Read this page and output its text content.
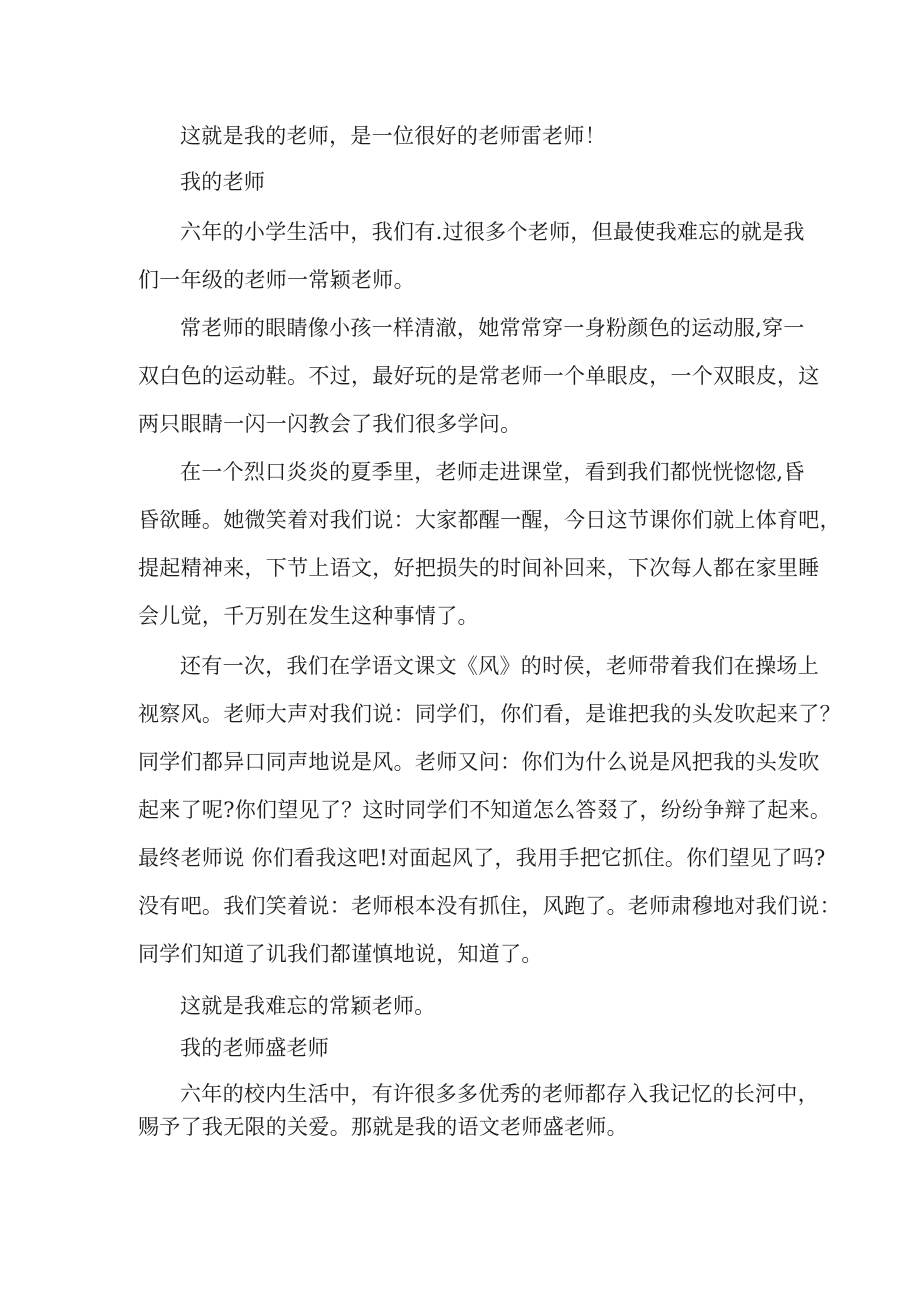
这就是我的老师，是一位很好的老师雷老师！

我的老师

六年的小学生活中，我们有.过很多个老师，但最使我难忘的就是我
们一年级的老师一常颖老师。

常老师的眼睛像小孩一样清澈，她常常穿一身粉颜色的运动服,穿一
双白色的运动鞋。不过，最好玩的是常老师一个单眼皮，一个双眼皮，这
两只眼睛一闪一闪教会了我们很多学问。

在一个烈口炎炎的夏季里，老师走进课堂，看到我们都恍恍惚惚,昏
昏欲睡。她微笑着对我们说：大家都醒一醒，今日这节课你们就上体育吧，
提起精神来，下节上语文，好把损失的时间补回来，下次每人都在家里睡
会儿觉，千万别在发生这种事情了。

还有一次，我们在学语文课文《风》的时侯，老师带着我们在操场上
视察风。老师大声对我们说：同学们，你们看，是谁把我的头发吹起来了？
同学们都异口同声地说是风。老师又问：你们为什么说是风把我的头发吹
起来了呢?你们望见了？这时同学们不知道怎么答叕了，纷纷争辩了起来。
最终老师说 你们看我这吧!对面起风了，我用手把它抓住。你们望见了吗?
没有吧。我们笑着说：老师根本没有抓住，风跑了。老师肃穆地对我们说：
同学们知道了讥我们都谨慎地说，知道了。

这就是我难忘的常颖老师。

我的老师盛老师

六年的校内生活中，有许很多多优秀的老师都存入我记忆的长河中，
赐予了我无限的关爱。那就是我的语文老师盛老师。
